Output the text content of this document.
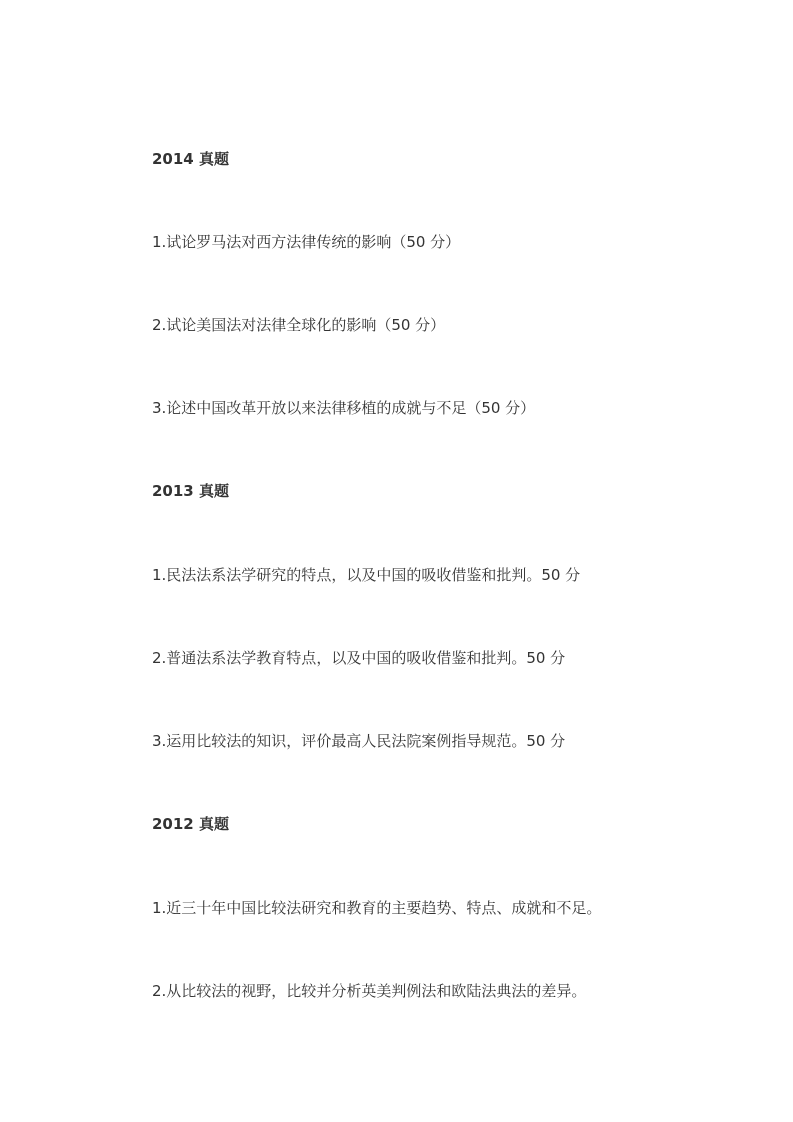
2014 真题
1.试论罗马法对西方法律传统的影响（50 分）
2.试论美国法对法律全球化的影响（50 分）
3.论述中国改革开放以来法律移植的成就与不足（50 分）
2013 真题
1.民法法系法学研究的特点，以及中国的吸收借鉴和批判。50 分
2.普通法系法学教育特点，以及中国的吸收借鉴和批判。50 分
3.运用比较法的知识，评价最高人民法院案例指导规范。50 分
2012 真题
1.近三十年中国比较法研究和教育的主要趋势、特点、成就和不足。
2.从比较法的视野，比较并分析英美判例法和欧陆法典法的差异。
